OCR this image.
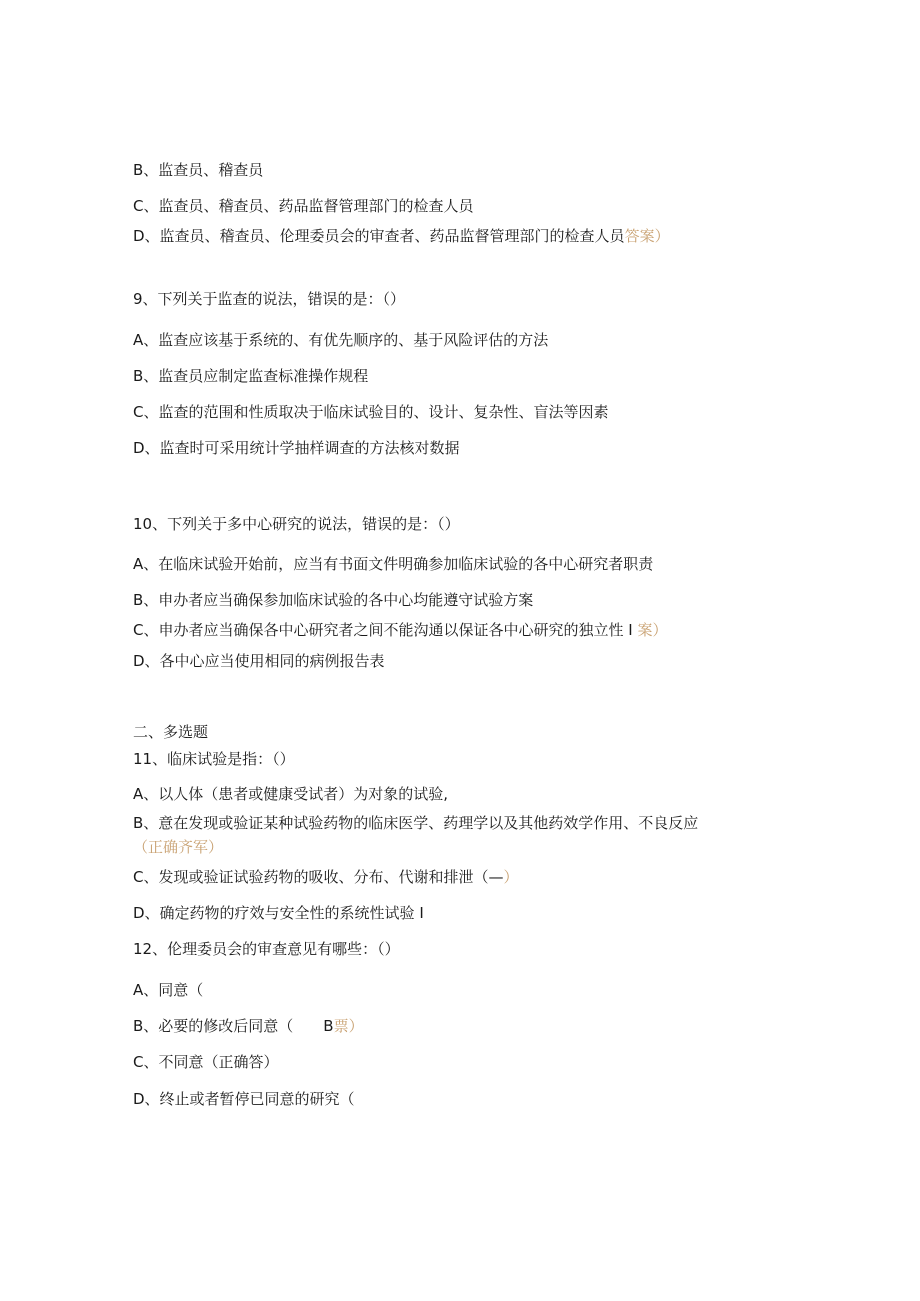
B、监查员、稽查员
C、监查员、稽查员、药品监督管理部门的检查人员
D、监查员、稽查员、伦理委员会的审查者、药品监督管理部门的检查人员答案）
9、下列关于监查的说法，错误的是：（）
A、监查应该基于系统的、有优先顺序的、基于风险评估的方法
B、监查员应制定监查标准操作规程
C、监查的范围和性质取决于临床试验目的、设计、复杂性、盲法等因素
D、监查时可采用统计学抽样调查的方法核对数据
10、下列关于多中心研究的说法，错误的是：（）
A、在临床试验开始前，应当有书面文件明确参加临床试验的各中心研究者职责
B、申办者应当确保参加临床试验的各中心均能遵守试验方案
C、申办者应当确保各中心研究者之间不能沟通以保证各中心研究的独立性 I 案）
D、各中心应当使用相同的病例报告表
二、多选题
11、临床试验是指：（）
A、以人体（患者或健康受试者）为对象的试验,
B、意在发现或验证某种试验药物的临床医学、药理学以及其他药效学作用、不良反应
（正确齐军）
C、发现或验证试验药物的吸收、分布、代谢和排泄（—）
D、确定药物的疗效与安全性的系统性试验 I
12、伦理委员会的审查意见有哪些：（）
A、同意（
B、必要的修改后同意（　　B票）
C、不同意（正确答）
D、终止或者暂停已同意的研究（
